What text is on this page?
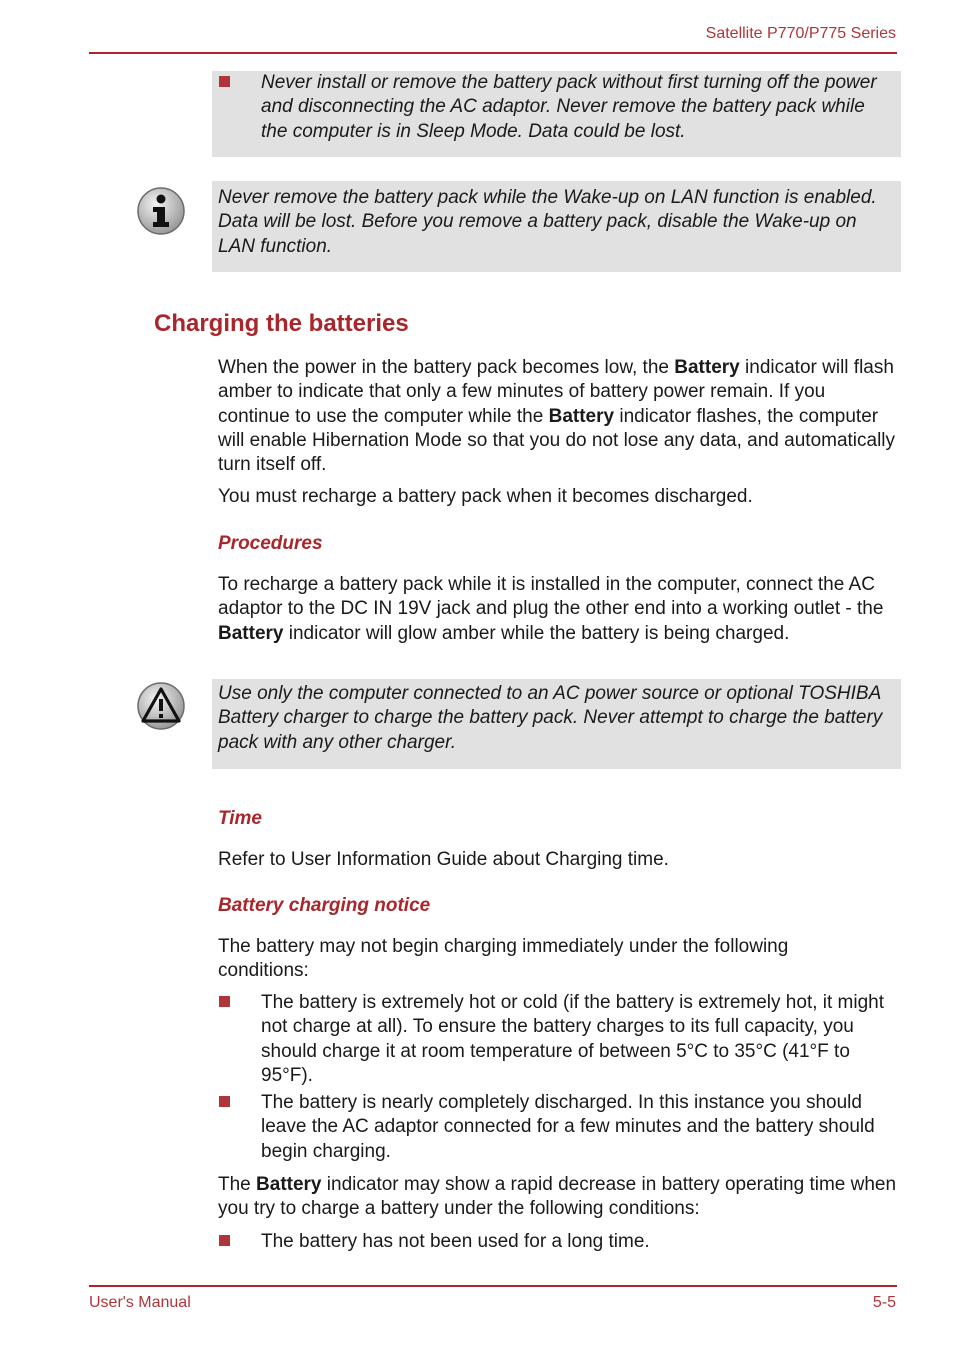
Satellite P770/P775 Series
Never install or remove the battery pack without first turning off the power and disconnecting the AC adaptor. Never remove the battery pack while the computer is in Sleep Mode. Data could be lost.
Never remove the battery pack while the Wake-up on LAN function is enabled. Data will be lost. Before you remove a battery pack, disable the Wake-up on LAN function.
Charging the batteries
When the power in the battery pack becomes low, the Battery indicator will flash amber to indicate that only a few minutes of battery power remain. If you continue to use the computer while the Battery indicator flashes, the computer will enable Hibernation Mode so that you do not lose any data, and automatically turn itself off.
You must recharge a battery pack when it becomes discharged.
Procedures
To recharge a battery pack while it is installed in the computer, connect the AC adaptor to the DC IN 19V jack and plug the other end into a working outlet - the Battery indicator will glow amber while the battery is being charged.
Use only the computer connected to an AC power source or optional TOSHIBA Battery charger to charge the battery pack. Never attempt to charge the battery pack with any other charger.
Time
Refer to User Information Guide about Charging time.
Battery charging notice
The battery may not begin charging immediately under the following conditions:
The battery is extremely hot or cold (if the battery is extremely hot, it might not charge at all). To ensure the battery charges to its full capacity, you should charge it at room temperature of between 5°C to 35°C (41°F to 95°F).
The battery is nearly completely discharged. In this instance you should leave the AC adaptor connected for a few minutes and the battery should begin charging.
The Battery indicator may show a rapid decrease in battery operating time when you try to charge a battery under the following conditions:
The battery has not been used for a long time.
User's Manual	5-5
